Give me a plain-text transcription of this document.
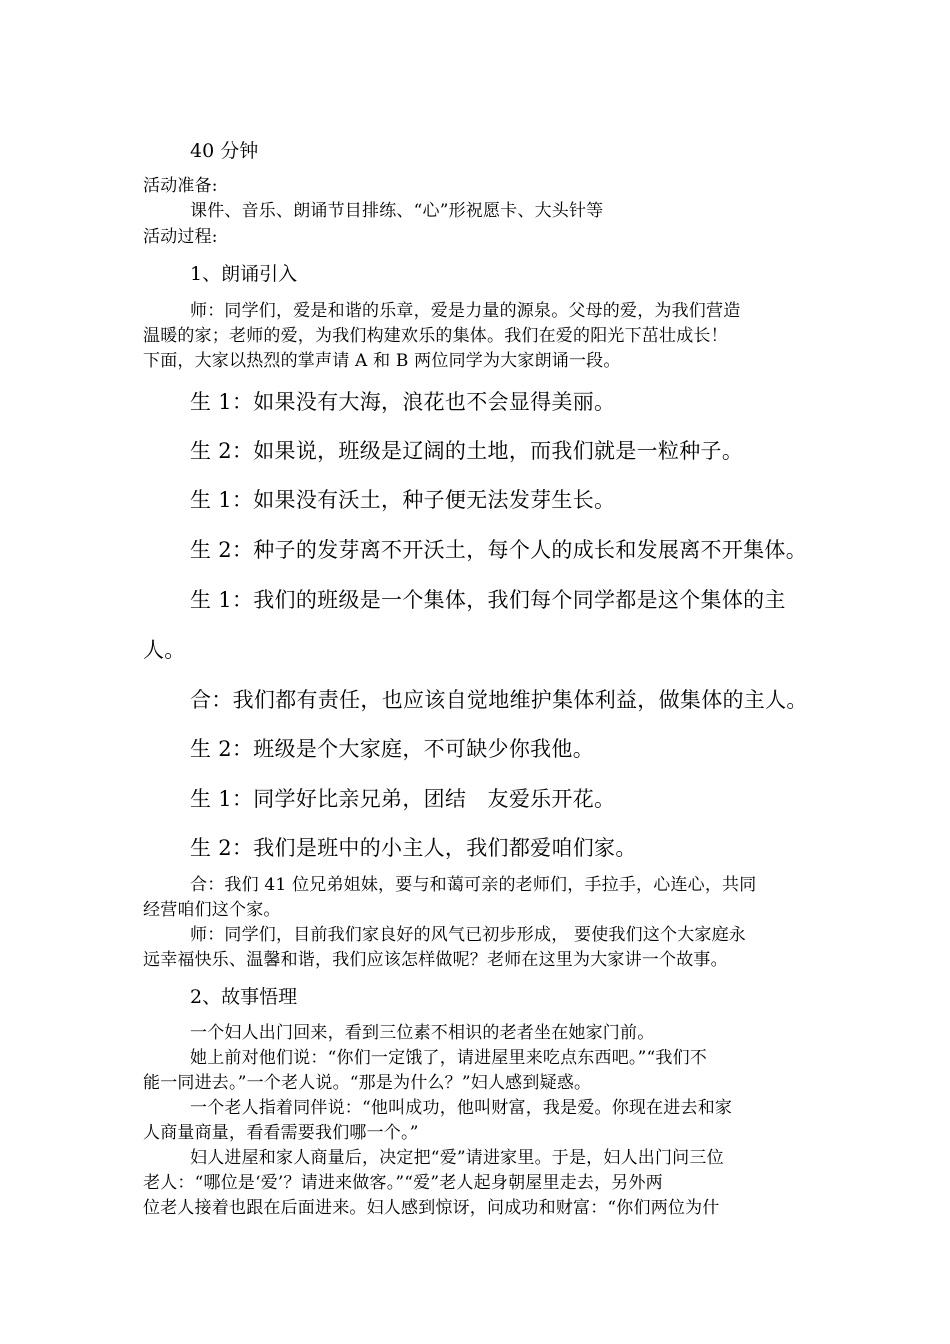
40 分钟
活动准备:
课件、音乐、朗诵节目排练、“心”形祝愿卡、大头针等
活动过程:
1、朗诵引入
师：同学们，爱是和谐的乐章，爱是力量的源泉。父母的爱，为我们营造
温暖的家；老师的爱，为我们构建欢乐的集体。我们在爱的阳光下茁壮成长！
下面，大家以热烈的掌声请 A 和 B 两位同学为大家朗诵一段。
生 1：如果没有大海，浪花也不会显得美丽。
生 2：如果说，班级是辽阔的土地，而我们就是一粒种子。
生 1：如果没有沃土，种子便无法发芽生长。
生 2：种子的发芽离不开沃土，每个人的成长和发展离不开集体。
生 1：我们的班级是一个集体，我们每个同学都是这个集体的主
人。
合：我们都有责任，也应该自觉地维护集体利益，做集体的主人。
生 2：班级是个大家庭，不可缺少你我他。
生 1：同学好比亲兄弟，团结　友爱乐开花。
生 2：我们是班中的小主人，我们都爱咱们家。
合：我们 41 位兄弟姐妹，要与和蔼可亲的老师们，手拉手，心连心，共同
经营咱们这个家。
师：同学们，目前我们家良好的风气已初步形成， 要使我们这个大家庭永
远幸福快乐、温馨和谐，我们应该怎样做呢？老师在这里为大家讲一个故事。
2、故事悟理
一个妇人出门回来，看到三位素不相识的老者坐在她家门前。
她上前对他们说：“你们一定饿了，请进屋里来吃点东西吧。”“我们不
能一同进去。”一个老人说。“那是为什么？”妇人感到疑惑。
一个老人指着同伴说：“他叫成功，他叫财富，我是爱。你现在进去和家
人商量商量，看看需要我们哪一个。”
妇人进屋和家人商量后，决定把“爱”请进家里。于是，妇人出门问三位
老人：“哪位是‘爱’？请进来做客。”“爱”老人起身朝屋里走去，另外两
位老人接着也跟在后面进来。妇人感到惊讶，问成功和财富：“你们两位为什
